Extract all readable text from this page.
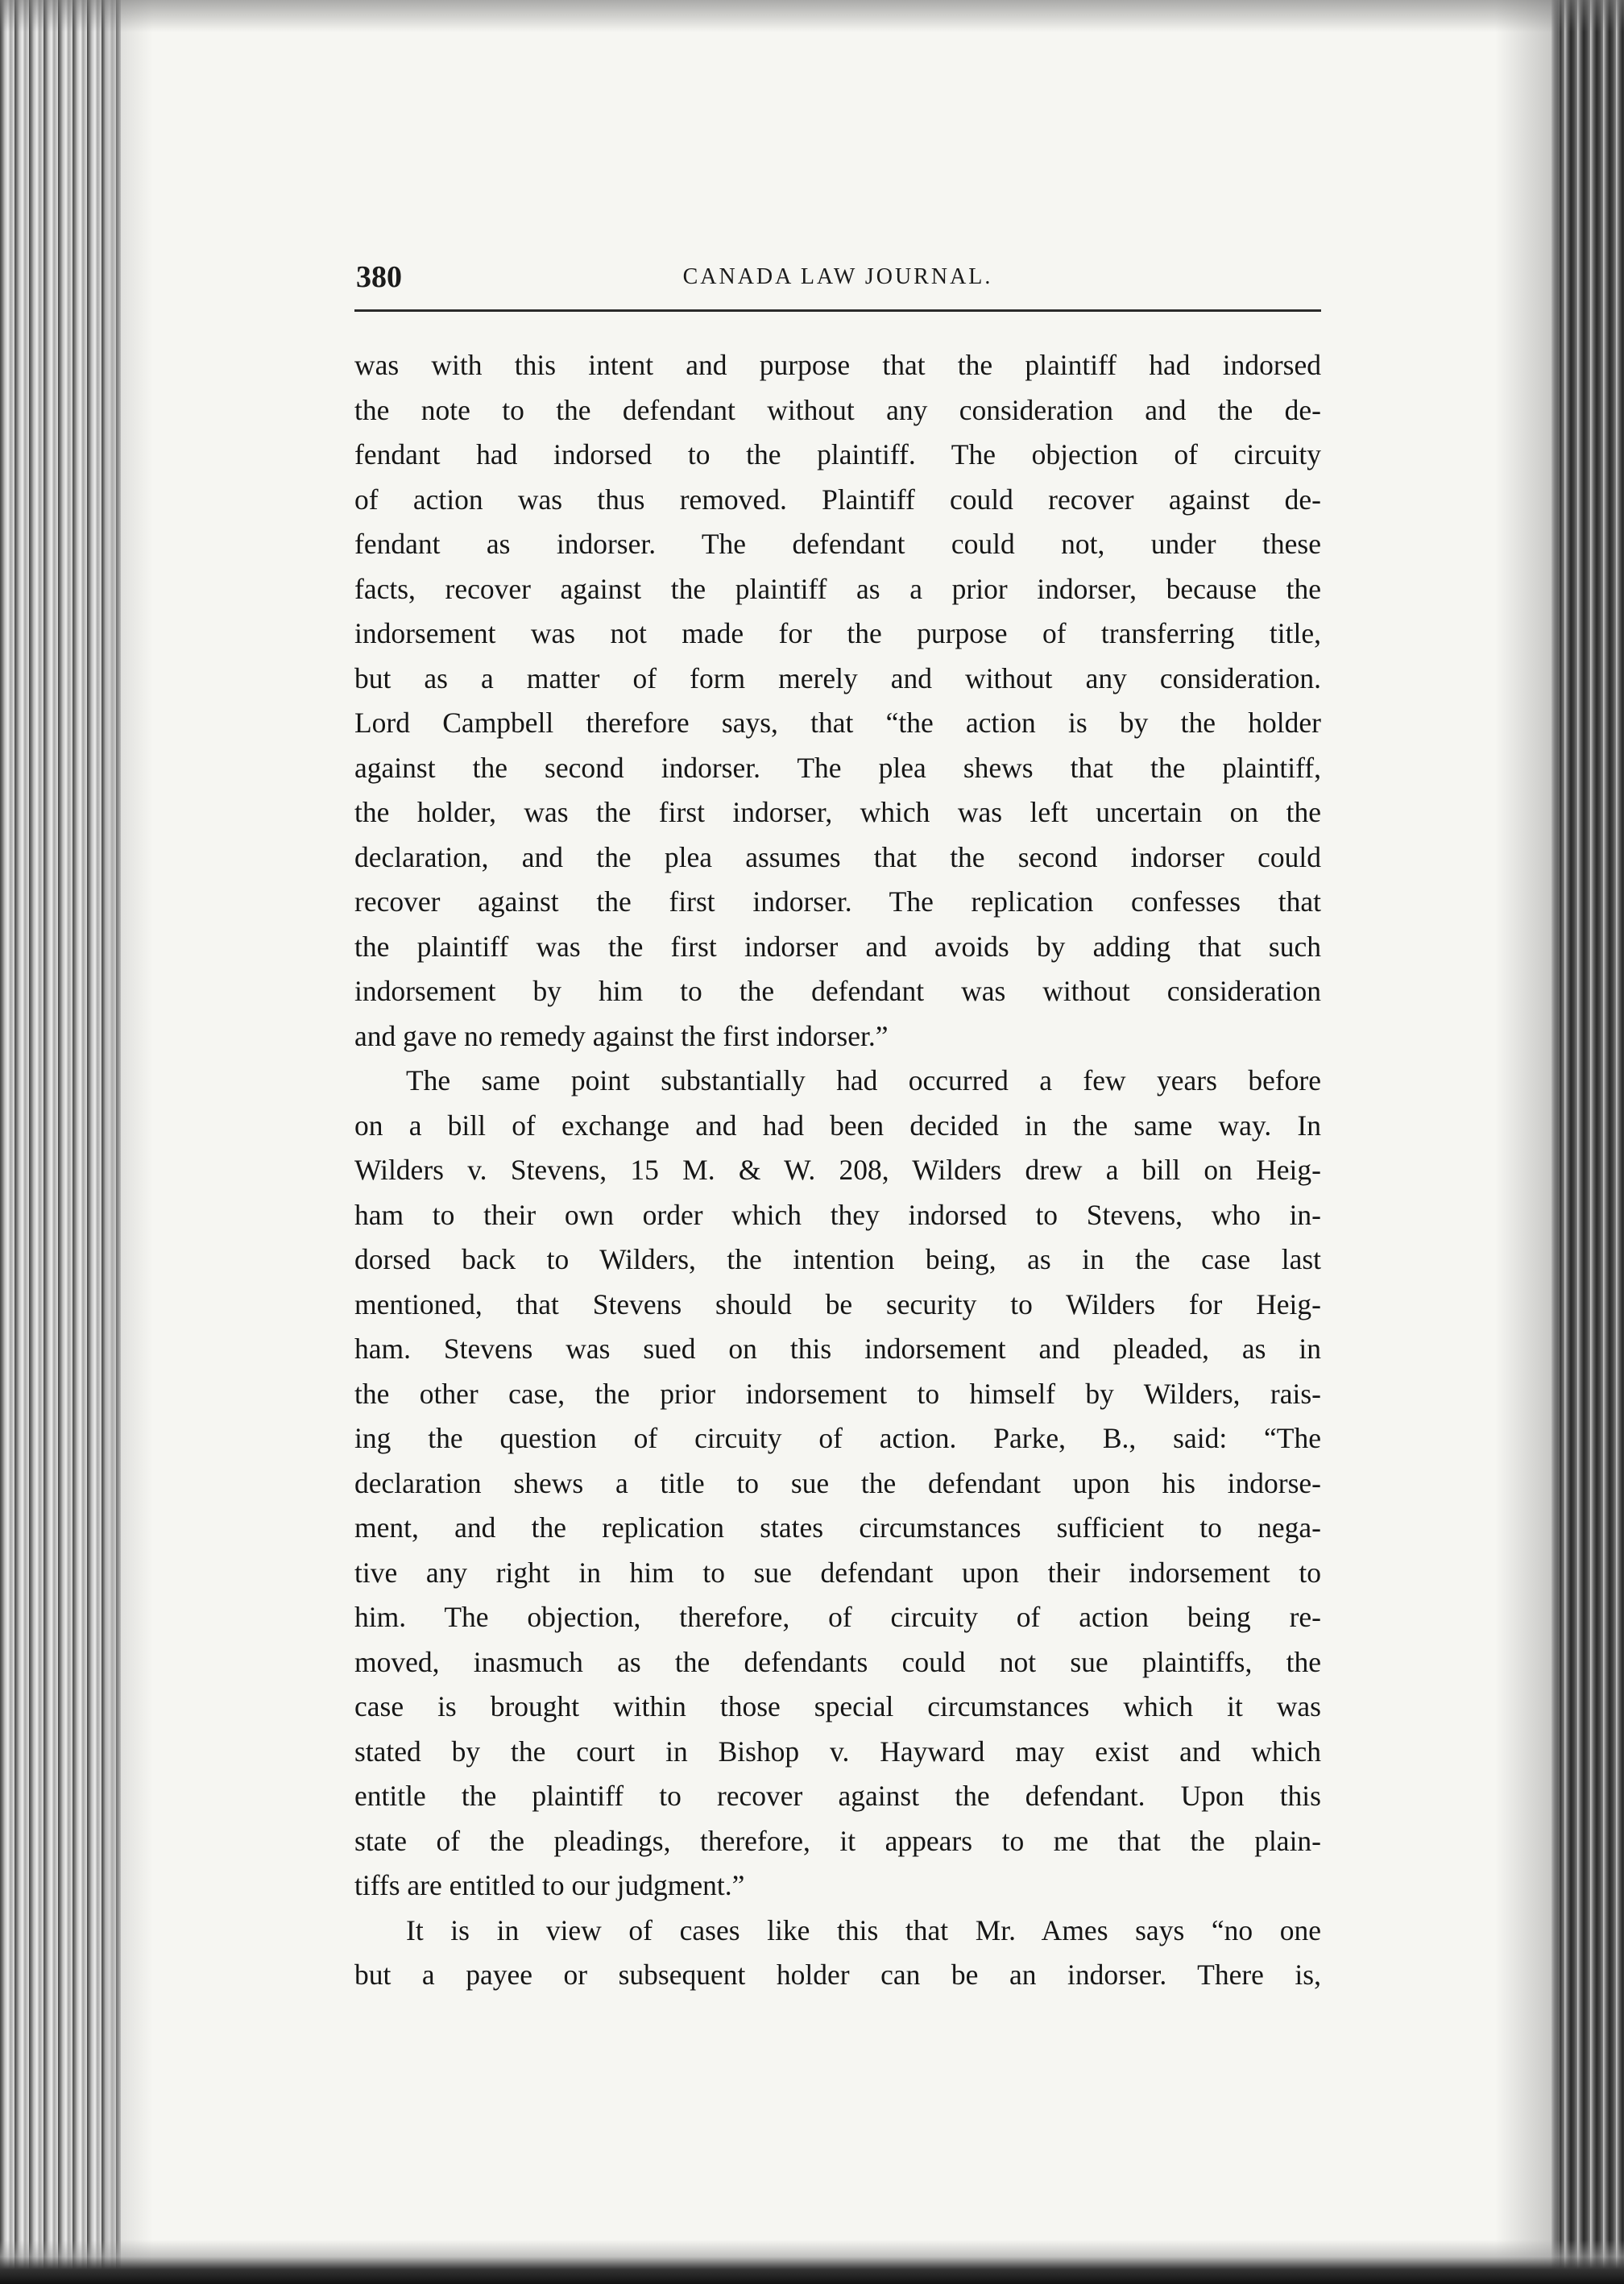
380	CANADA LAW JOURNAL.
was with this intent and purpose that the plaintiff had indorsed
the note to the defendant without any consideration and the de-
fendant had indorsed to the plaintiff. The objection of circuity
of action was thus removed. Plaintiff could recover against de-
fendant as indorser. The defendant could not, under these
facts, recover against the plaintiff as a prior indorser, because the
indorsement was not made for the purpose of transferring title,
but as a matter of form merely and without any consideration.
Lord Campbell therefore says, that “the action is by the holder
against the second indorser. The plea shews that the plaintiff,
the holder, was the first indorser, which was left uncertain on the
declaration, and the plea assumes that the second indorser could
recover against the first indorser. The replication confesses that
the plaintiff was the first indorser and avoids by adding that such
indorsement by him to the defendant was without consideration
and gave no remedy against the first indorser.”
The same point substantially had occurred a few years before
on a bill of exchange and had been decided in the same way. In
Wilders v. Stevens, 15 M. & W. 208, Wilders drew a bill on Heig-
ham to their own order which they indorsed to Stevens, who in-
dorsed back to Wilders, the intention being, as in the case last
mentioned, that Stevens should be security to Wilders for Heig-
ham. Stevens was sued on this indorsement and pleaded, as in
the other case, the prior indorsement to himself by Wilders, rais-
ing the question of circuity of action. Parke, B., said: “The
declaration shews a title to sue the defendant upon his indorse-
ment, and the replication states circumstances sufficient to nega-
tive any right in him to sue defendant upon their indorsement to
him. The objection, therefore, of circuity of action being re-
moved, inasmuch as the defendants could not sue plaintiffs, the
case is brought within those special circumstances which it was
stated by the court in Bishop v. Hayward may exist and which
entitle the plaintiff to recover against the defendant. Upon this
state of the pleadings, therefore, it appears to me that the plain-
tiffs are entitled to our judgment.”
It is in view of cases like this that Mr. Ames says “no one
but a payee or subsequent holder can be an indorser. There is,
